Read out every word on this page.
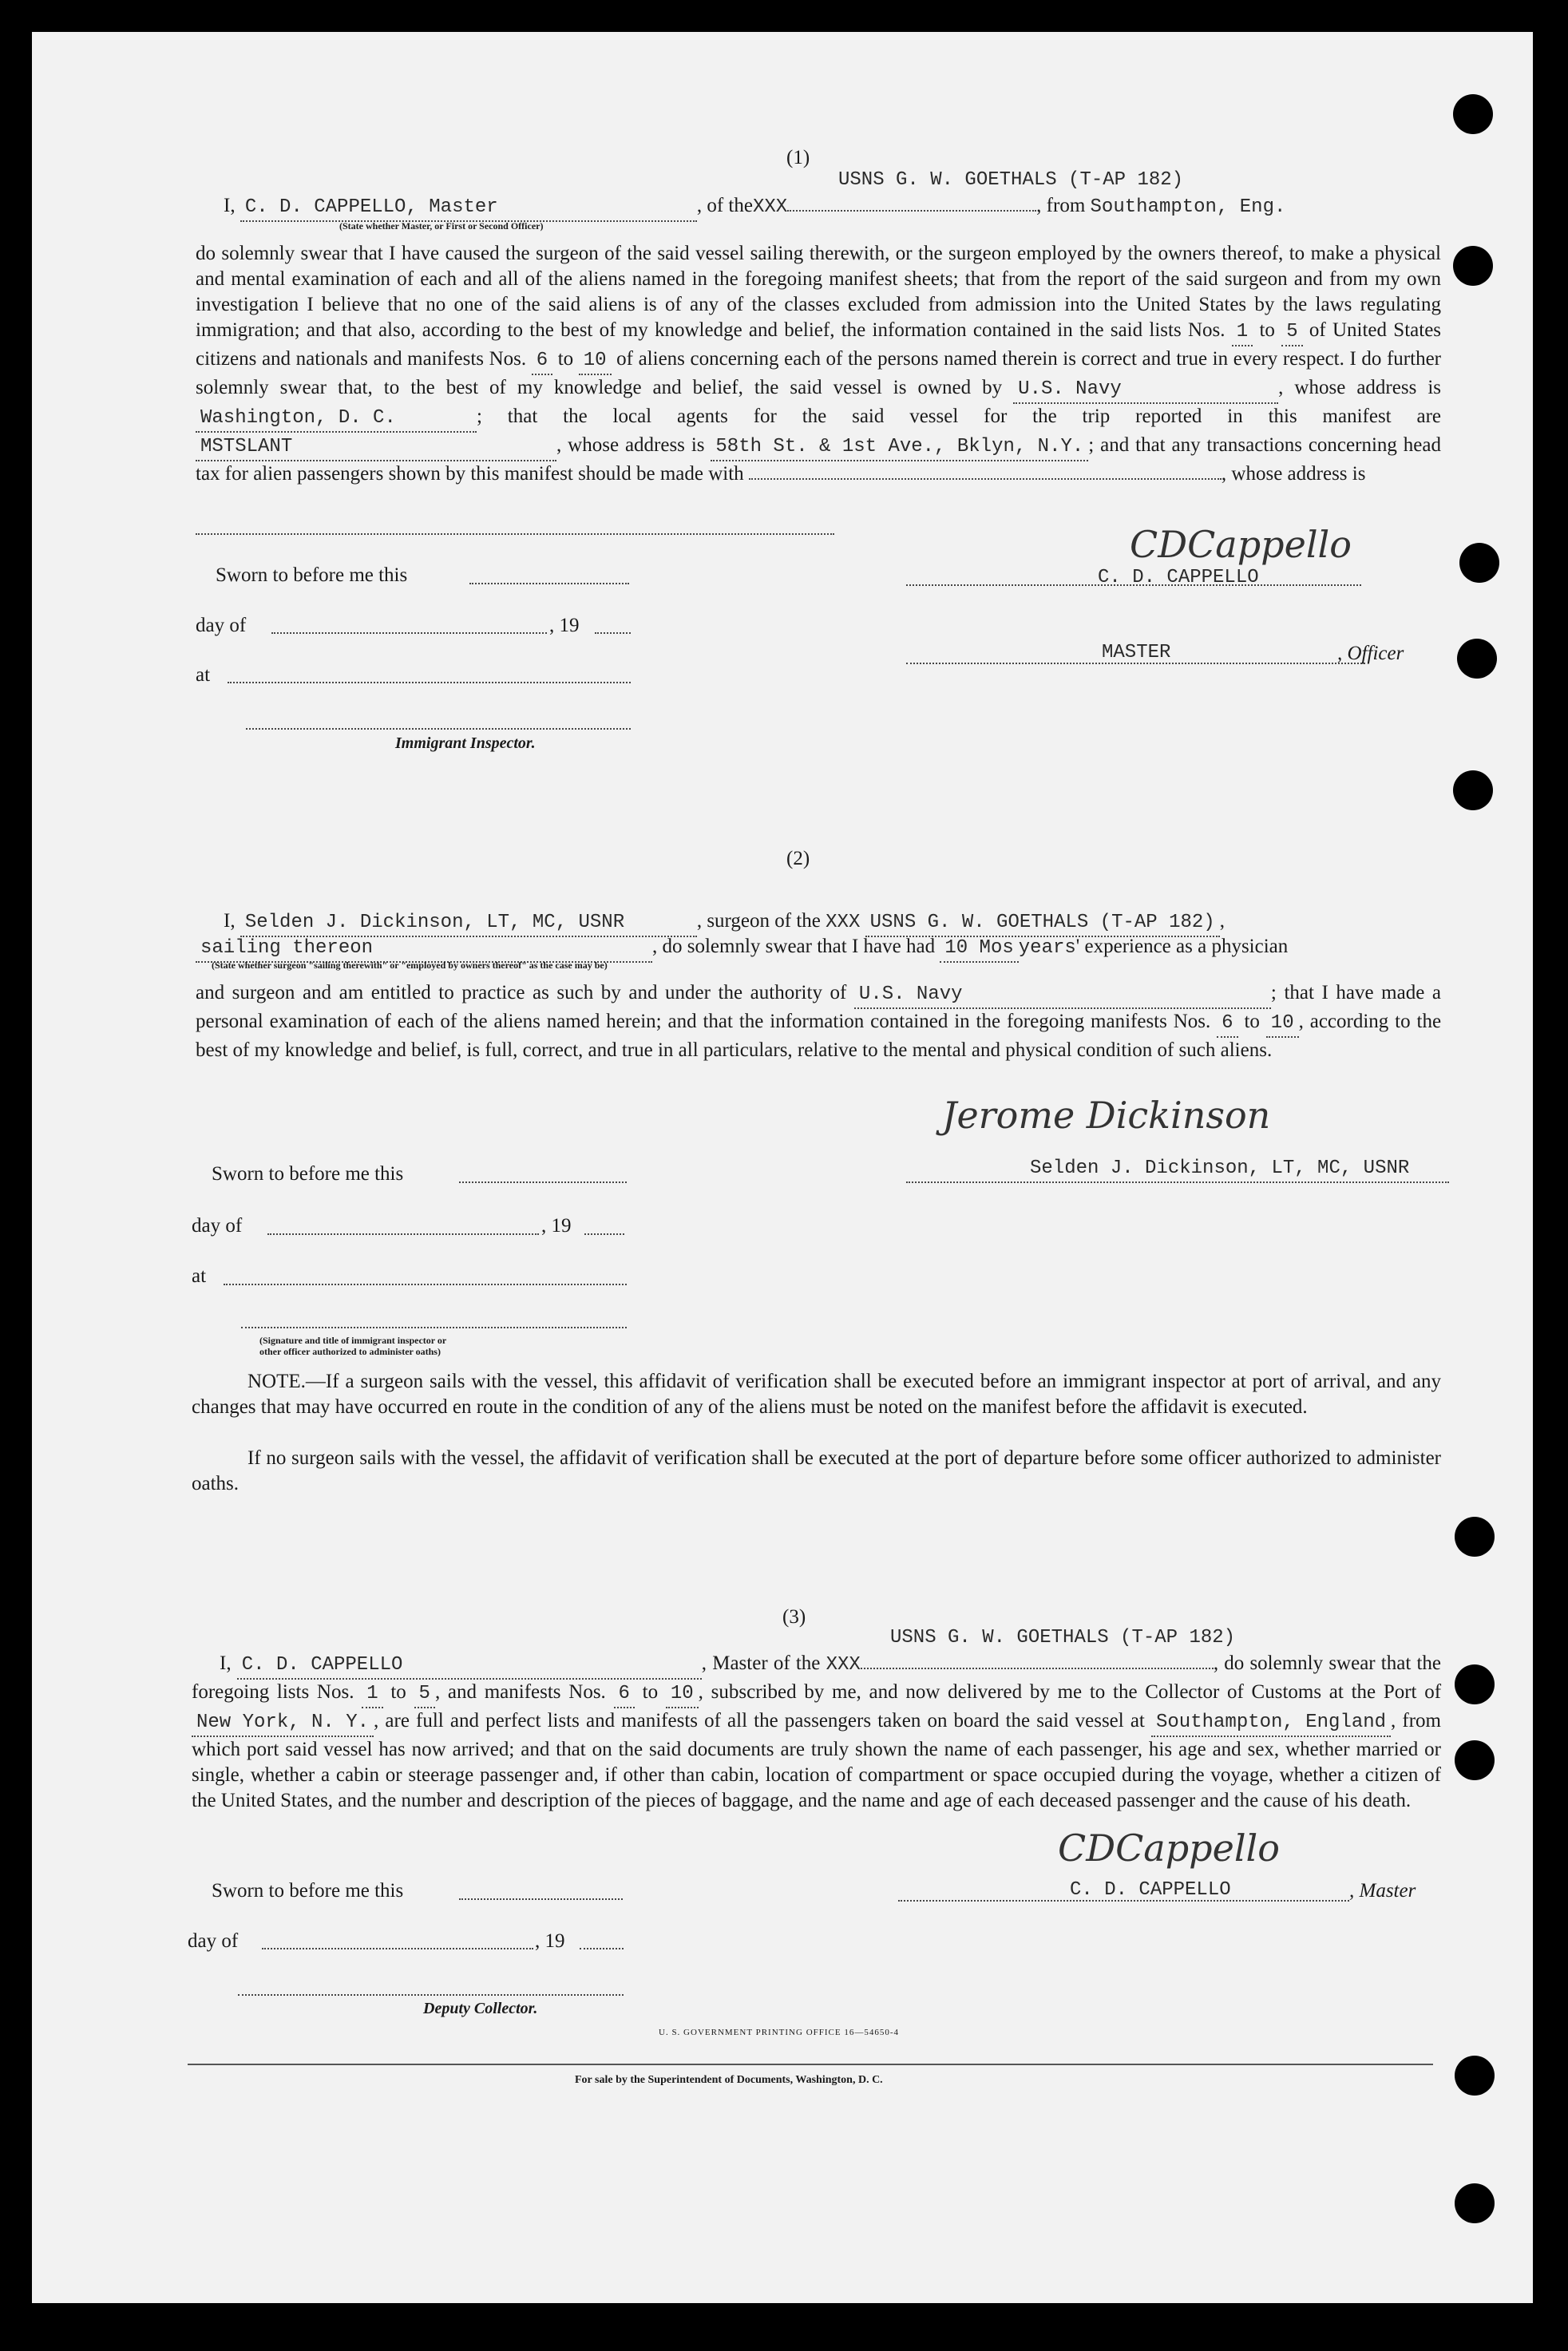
(1)
USNS G. W. GOETHALS (T-AP 182)
I, C. D. CAPPELLO, Master	, of theXXX	, from Southampton, Eng.
(State whether Master, or First or Second Officer)

do solemnly swear that I have caused the surgeon of the said vessel sailing therewith, or the surgeon employed by the owners thereof, to make a physical and mental examination of each and all of the aliens named in the foregoing manifest sheets; that from the report of the said surgeon and from my own investigation I believe that no one of the said aliens is of any of the classes excluded from admission into the United States by the laws regulating immigration; and that also, according to the best of my knowledge and belief, the information contained in the said lists Nos. 1 to 5 of United States citizens and nationals and manifests Nos. 6 to 10 of aliens concerning each of the persons named therein is correct and true in every respect. I do further solemnly swear that, to the best of my knowledge and belief, the said vessel is owned by U.S. Navy	, whose address is Washington, D. C.	; that the local agents for the said vessel for the trip reported in this manifest are MSTSLANT	, whose address is 58th St. & 1st Ave., Bklyn, N.Y. ; and that any transactions concerning head tax for alien passengers shown by this manifest should be made with	, whose address is

Sworn to before me this
day of	, 19
at
Immigrant Inspector.
CDCappello
C. D. CAPPELLO
MASTER	, Officer
(2)
I, Selden J. Dickinson, LT, MC, USNR	, surgeon of the XXX USNS G. W. GOETHALS (T-AP 182) ,
sailing thereon	, do solemnly swear that I have had 10 Mos years' experience as a physician
(State whether surgeon "sailing therewith" or "employed by owners thereof" as the case may be)

and surgeon and am entitled to practice as such by and under the authority of U.S. Navy	; that I have made a personal examination of each of the aliens named herein; and that the information contained in the foregoing manifests Nos. 6 to 10 , according to the best of my knowledge and belief, is full, correct, and true in all particulars, relative to the mental and physical condition of such aliens.

Jerome Dickinson
Selden J. Dickinson, LT, MC, USNR
Sworn to before me this
day of	, 19
at
(Signature and title of immigrant inspector or
other officer authorized to administer oaths)

NOTE.—If a surgeon sails with the vessel, this affidavit of verification shall be executed before an immigrant inspector at port of arrival, and any changes that may have occurred en route in the condition of any of the aliens must be noted on the manifest before the affidavit is executed.

If no surgeon sails with the vessel, the affidavit of verification shall be executed at the port of departure before some officer authorized to administer oaths.

(3)
USNS G. W. GOETHALS (T-AP 182)

I, C. D. CAPPELLO	, Master of the XXX	, do solemnly swear that the foregoing lists Nos. 1 to 5 , and manifests Nos. 6 to 10 , subscribed by me, and now delivered by me to the Collector of Customs at the Port of New York, N. Y. , are full and perfect lists and manifests of all the passengers taken on board the said vessel at Southampton, England , from which port said vessel has now arrived; and that on the said documents are truly shown the name of each passenger, his age and sex, whether married or single, whether a cabin or steerage passenger and, if other than cabin, location of compartment or space occupied during the voyage, whether a citizen of the United States, and the number and description of the pieces of baggage, and the name and age of each deceased passenger and the cause of his death.

CDCappello
C. D. CAPPELLO	, Master
Sworn to before me this
day of	, 19
Deputy Collector.
U. S. GOVERNMENT PRINTING OFFICE 16—54650-4
For sale by the Superintendent of Documents, Washington, D. C.
